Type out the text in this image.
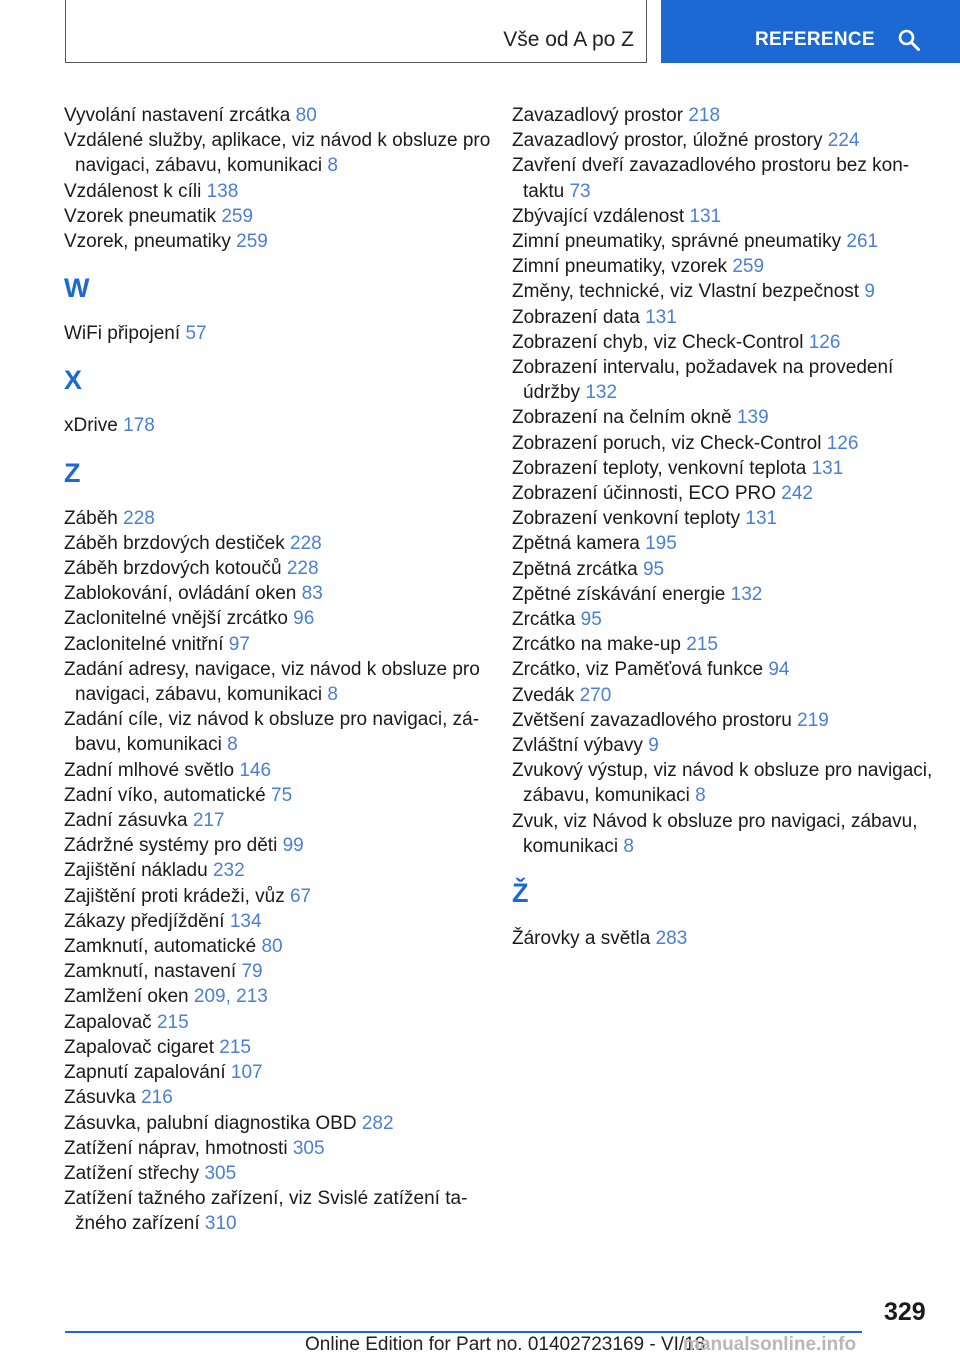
Vše od A po Z	REFERENCE
Vyvolání nastavení zrcátka 80
Vzdálené služby, aplikace, viz návod k obsluze pro navigaci, zábavu, komunikaci 8
Vzdálenost k cíli 138
Vzorek pneumatik 259
Vzorek, pneumatiky 259
W
WiFi připojení 57
X
xDrive 178
Z
Záběh 228
Záběh brzdových destiček 228
Záběh brzdových kotoučů 228
Zablokování, ovládání oken 83
Zaclonitelné vnější zrcátko 96
Zaclonitelné vnitřní 97
Zadání adresy, navigace, viz návod k obsluze pro navigaci, zábavu, komunikaci 8
Zadání cíle, viz návod k obsluze pro navigaci, zábavu, komunikaci 8
Zadní mlhové světlo 146
Zadní víko, automatické 75
Zadní zásuvka 217
Zádržné systémy pro děti 99
Zajištění nákladu 232
Zajištění proti krádeži, vůz 67
Zákazy předjíždění 134
Zamknutí, automatické 80
Zamknutí, nastavení 79
Zamlžení oken 209, 213
Zapalovač 215
Zapalovač cigaret 215
Zapnutí zapalování 107
Zásuvka 216
Zásuvka, palubní diagnostika OBD 282
Zatížení náprav, hmotnosti 305
Zatížení střechy 305
Zatížení tažného zařízení, viz Svislé zatížení tažného zařízení 310
Zavazadlový prostor 218
Zavazadlový prostor, úložné prostory 224
Zavření dveří zavazadlového prostoru bez kontaktu 73
Zbývající vzdálenost 131
Zimní pneumatiky, správné pneumatiky 261
Zimní pneumatiky, vzorek 259
Změny, technické, viz Vlastní bezpečnost 9
Zobrazení data 131
Zobrazení chyb, viz Check-Control 126
Zobrazení intervalu, požadavek na provedení údržby 132
Zobrazení na čelním okně 139
Zobrazení poruch, viz Check-Control 126
Zobrazení teploty, venkovní teplota 131
Zobrazení účinnosti, ECO PRO 242
Zobrazení venkovní teploty 131
Zpětná kamera 195
Zpětná zrcátka 95
Zpětné získávání energie 132
Zrcátka 95
Zrcátko na make-up 215
Zrcátko, viz Paměťová funkce 94
Zvedák 270
Zvětšení zavazadlového prostoru 219
Zvláštní výbavy 9
Zvukový výstup, viz návod k obsluze pro navigaci, zábavu, komunikaci 8
Zvuk, viz Návod k obsluze pro navigaci, zábavu, komunikaci 8
Ž
Žárovky a světla 283
329
Online Edition for Part no. 01402723169 - VI/18
manualsonline.info
